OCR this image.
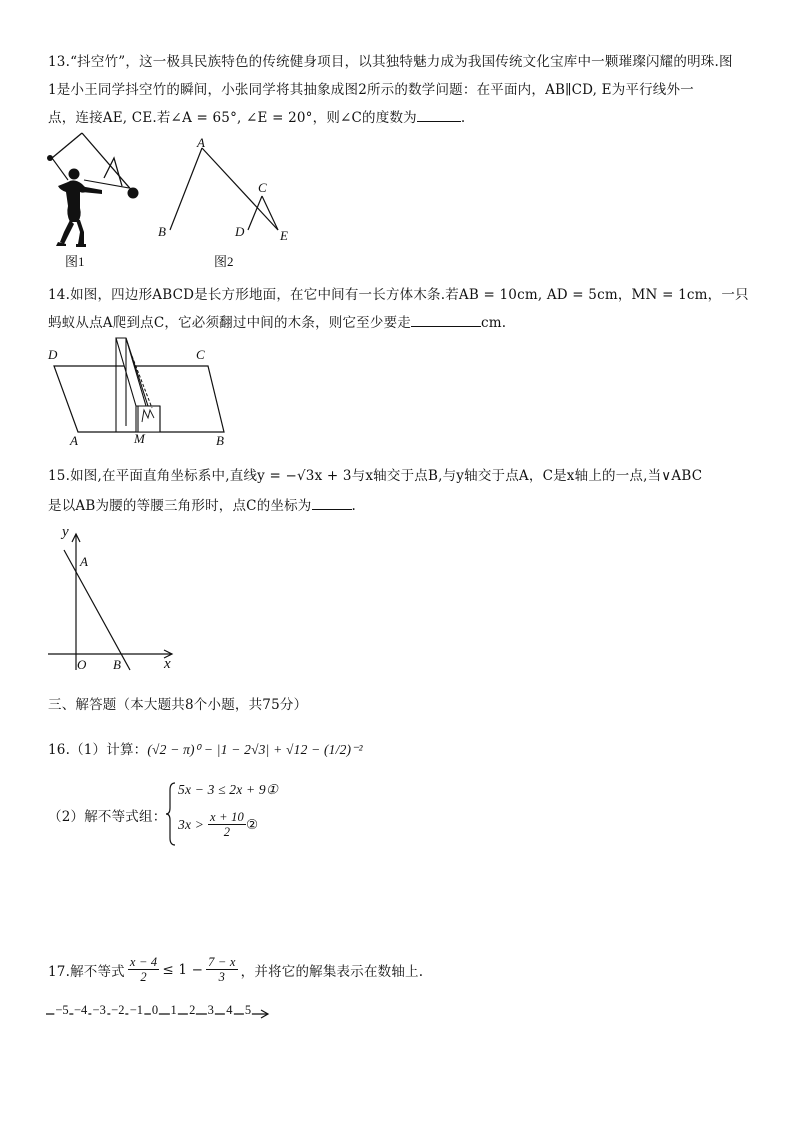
13.“抖空竹”，这一极具民族特色的传统健身项目，以其独特魅力成为我国传统文化宝库中一颗璀璨闪耀的明珠.图
1是小王同学抖空竹的瞬间，小张同学将其抽象成图2所示的数学问题：在平面内，AB∥CD, E为平行线外一
点，连接AE, CE.若∠A = 65°, ∠E = 20°，则∠C的度数为	.
图1
A
B
C
D	E
图2
14.如图，四边形ABCD是长方形地面，在它中间有一长方体木条.若AB = 10cm, AD = 5cm，MN = 1cm，一只
蚂蚁从点A爬到点C，它必须翻过中间的木条，则它至少要走	cm.
D	C
A	M	B
15.如图,在平面直角坐标系中,直线y = −√3x + 3与x轴交于点B,与y轴交于点A，C是x轴上的一点,当∨ABC
是以AB为腰的等腰三角形时，点C的坐标为	.
y
A
O B	x
三、解答题（本大题共8个小题，共75分）
16.（1）计算：(√2 − π)⁰ − |1 − 2√3| + √12 − (1/2)⁻²
（2）解不等式组：
5x − 3 ≤ 2x + 9①
$3x > \frac{x + 10}{2}$ ②
17.解不等式 $\frac{x - 4}{2} \le 1 - \frac{7 - x}{3}$ ，并将它的解集表示在数轴上.
−5 −4 −3 −2 −1 0 1 2 3 4 5
